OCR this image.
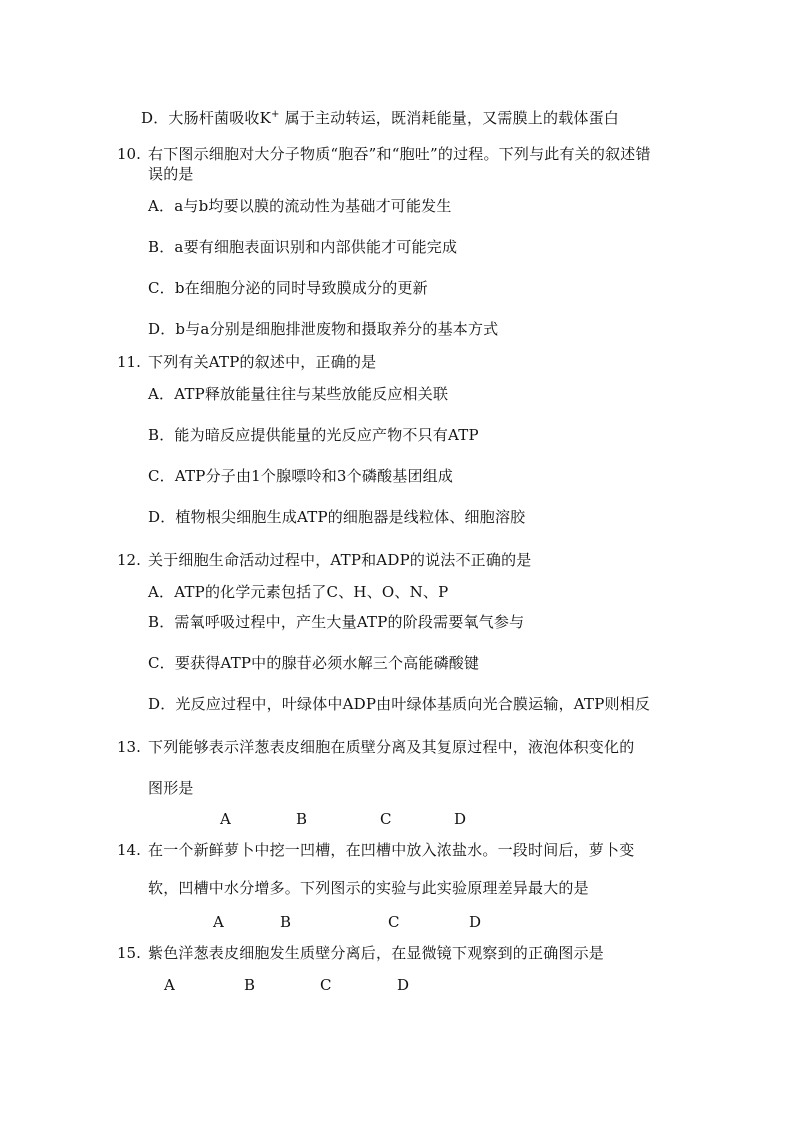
D．大肠杆菌吸收K+ 属于主动转运，既消耗能量，又需膜上的载体蛋白
10. 右下图示细胞对大分子物质“胞吞”和“胞吐”的过程。下列与此有关的叙述错
误的是
A．a与b均要以膜的流动性为基础才可能发生
B．a要有细胞表面识别和内部供能才可能完成
C．b在细胞分泌的同时导致膜成分的更新
D．b与a分别是细胞排泄废物和摄取养分的基本方式
11. 下列有关ATP的叙述中，正确的是
A．ATP释放能量往往与某些放能反应相关联
B．能为暗反应提供能量的光反应产物不只有ATP
C．ATP分子由1个腺嘌呤和3个磷酸基团组成
D．植物根尖细胞生成ATP的细胞器是线粒体、细胞溶胶
12. 关于细胞生命活动过程中，ATP和ADP的说法不正确的是
A．ATP的化学元素包括了C、H、O、N、P
B．需氧呼吸过程中，产生大量ATP的阶段需要氧气参与
C．要获得ATP中的腺苷必须水解三个高能磷酸键
D．光反应过程中，叶绿体中ADP由叶绿体基质向光合膜运输，ATP则相反
13. 下列能够表示洋葱表皮细胞在质壁分离及其复原过程中，液泡体积变化的
图形是
A	B	C	D
14. 在一个新鲜萝卜中挖一凹槽，在凹槽中放入浓盐水。一段时间后，萝卜变
软，凹槽中水分增多。下列图示的实验与此实验原理差异最大的是
A	B	C	D
15. 紫色洋葱表皮细胞发生质壁分离后，在显微镜下观察到的正确图示是
A	B	C	D
